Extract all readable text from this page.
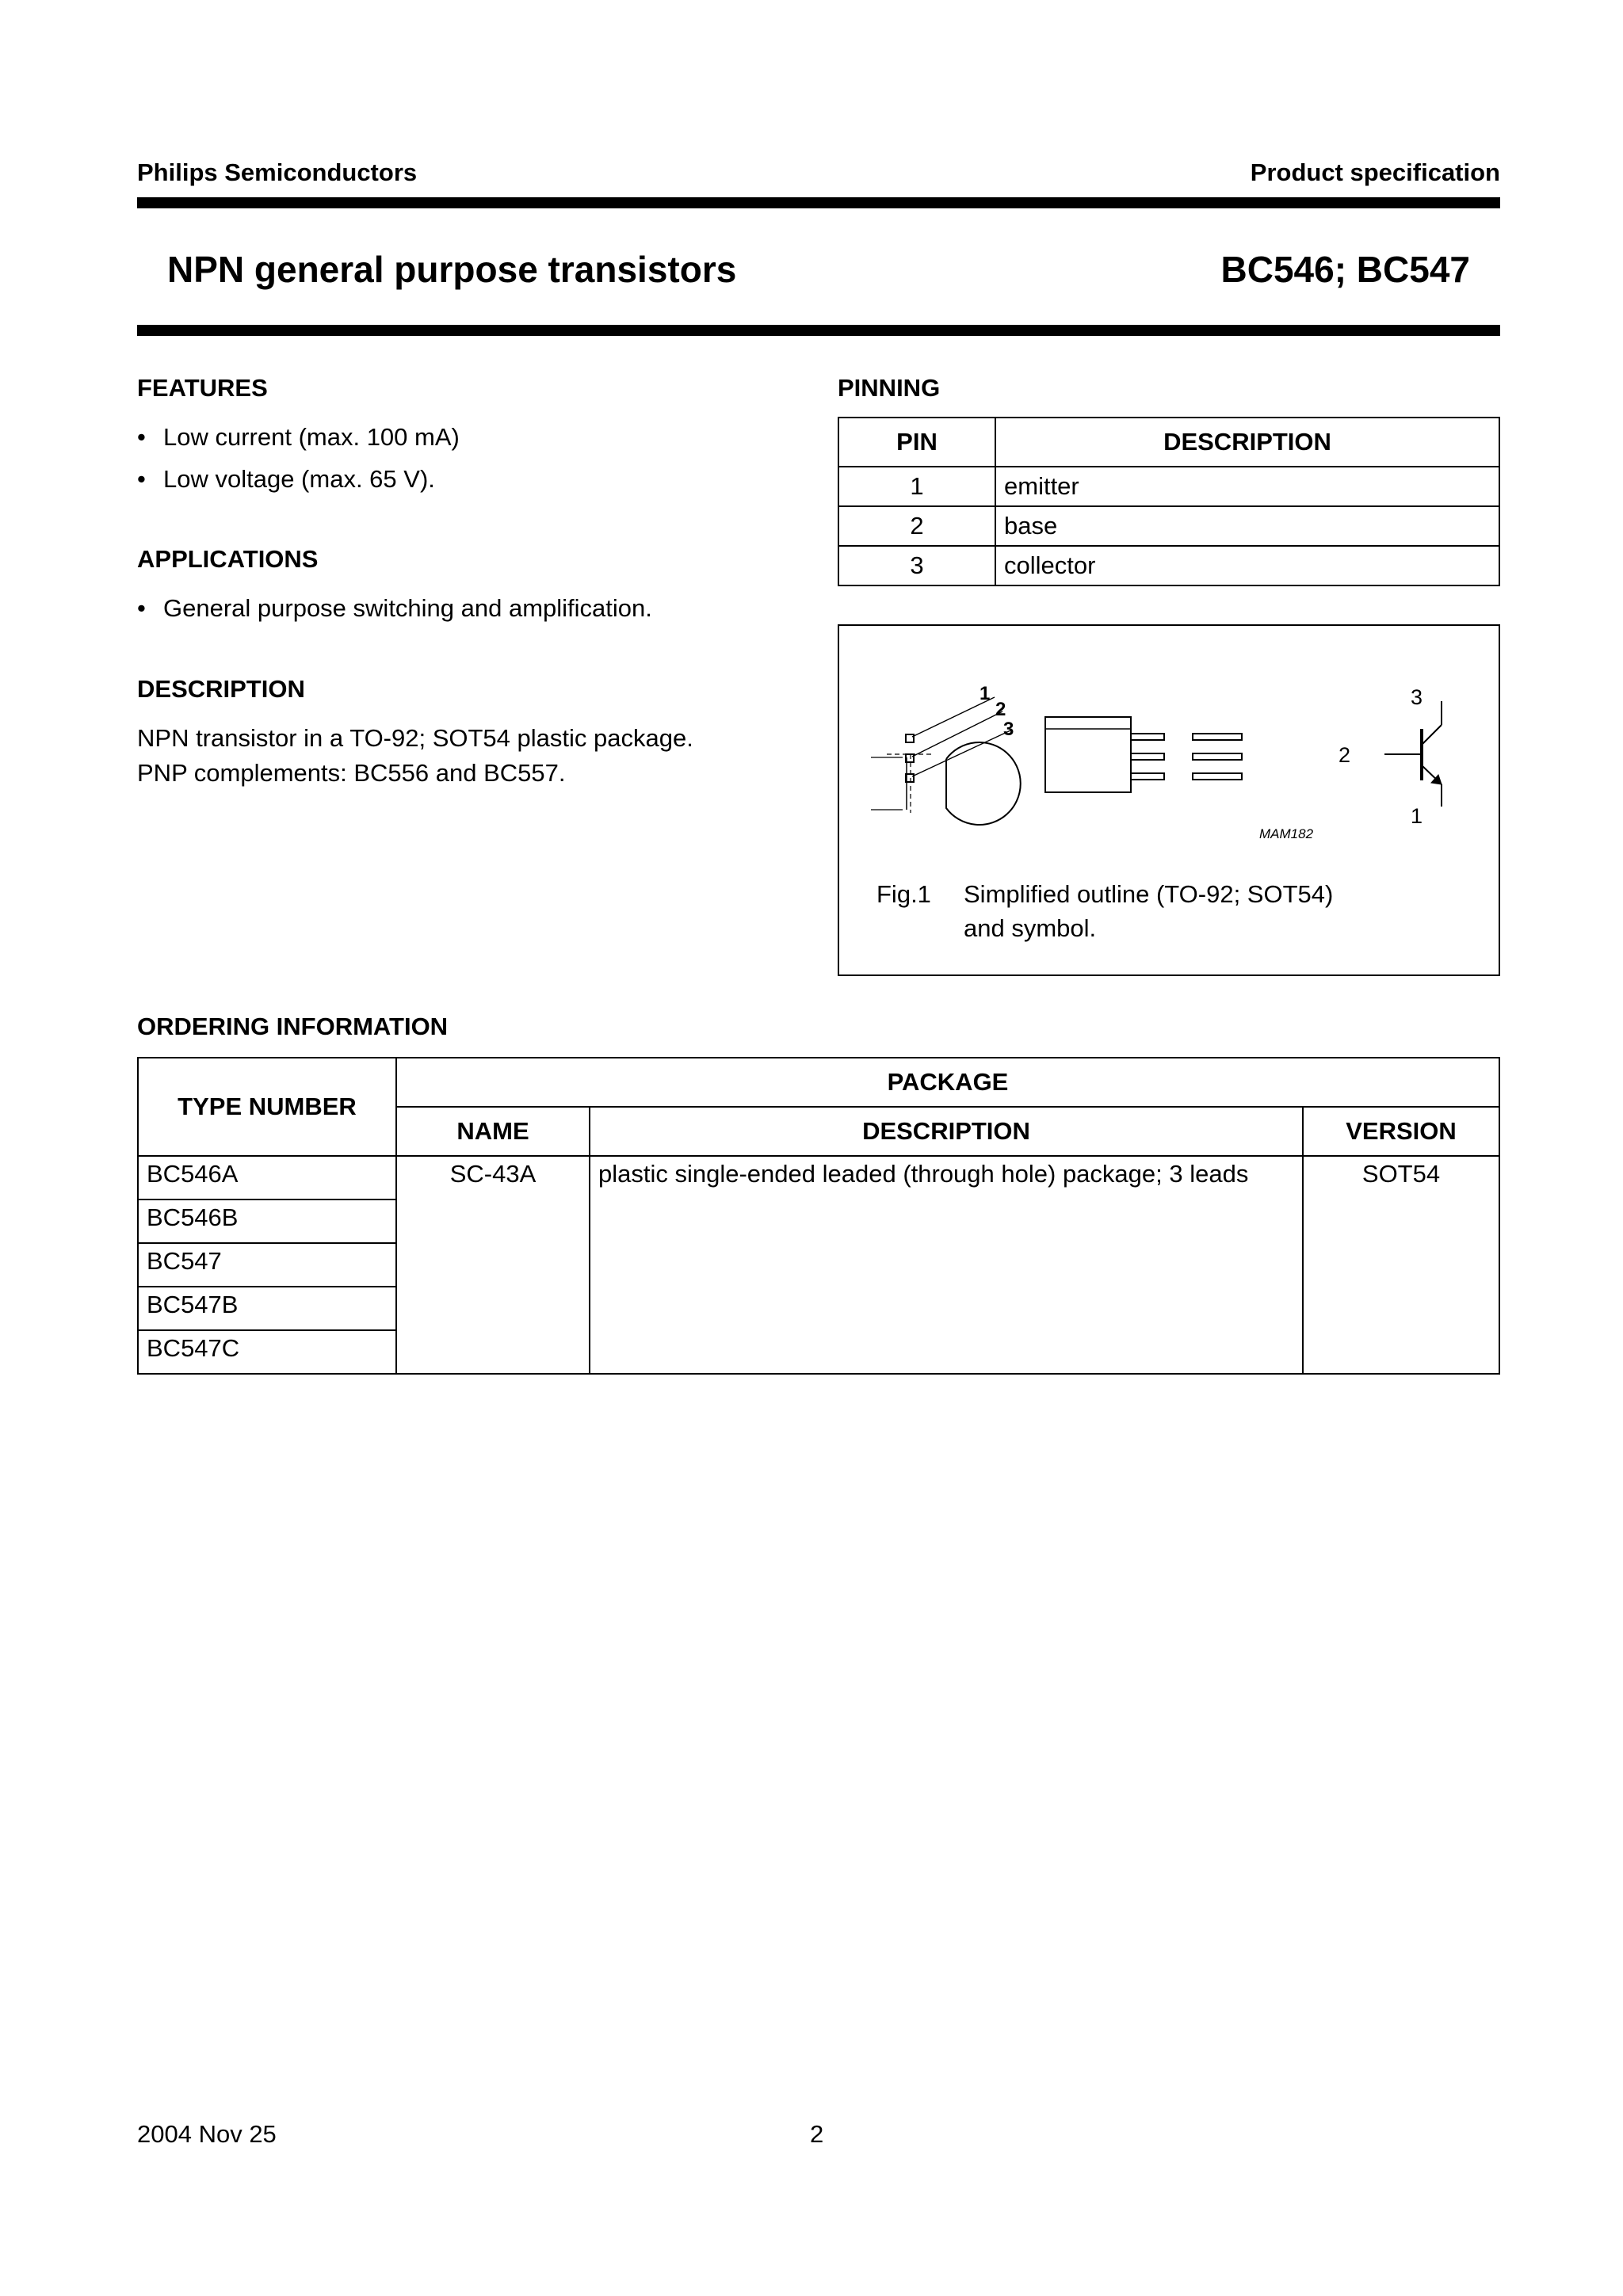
Philips Semiconductors	Product specification
NPN general purpose transistors	BC546; BC547
FEATURES
• Low current (max. 100 mA)
• Low voltage (max. 65 V).
APPLICATIONS
• General purpose switching and amplification.
DESCRIPTION
NPN transistor in a TO-92; SOT54 plastic package.
PNP complements: BC556 and BC557.
PINNING
PIN	DESCRIPTION
1	emitter
2	base
3	collector
1
2
3
3
2
1
MAM182
Fig.1 Simplified outline (TO-92; SOT54)
and symbol.
ORDERING INFORMATION
TYPE NUMBER	PACKAGE		
	NAME	DESCRIPTION	VERSION
BC546A	SC-43A	plastic single-ended leaded (through hole) package; 3 leads	SOT54
BC546B			
BC547			
BC547B			
BC547C			
2004 Nov 25	2
